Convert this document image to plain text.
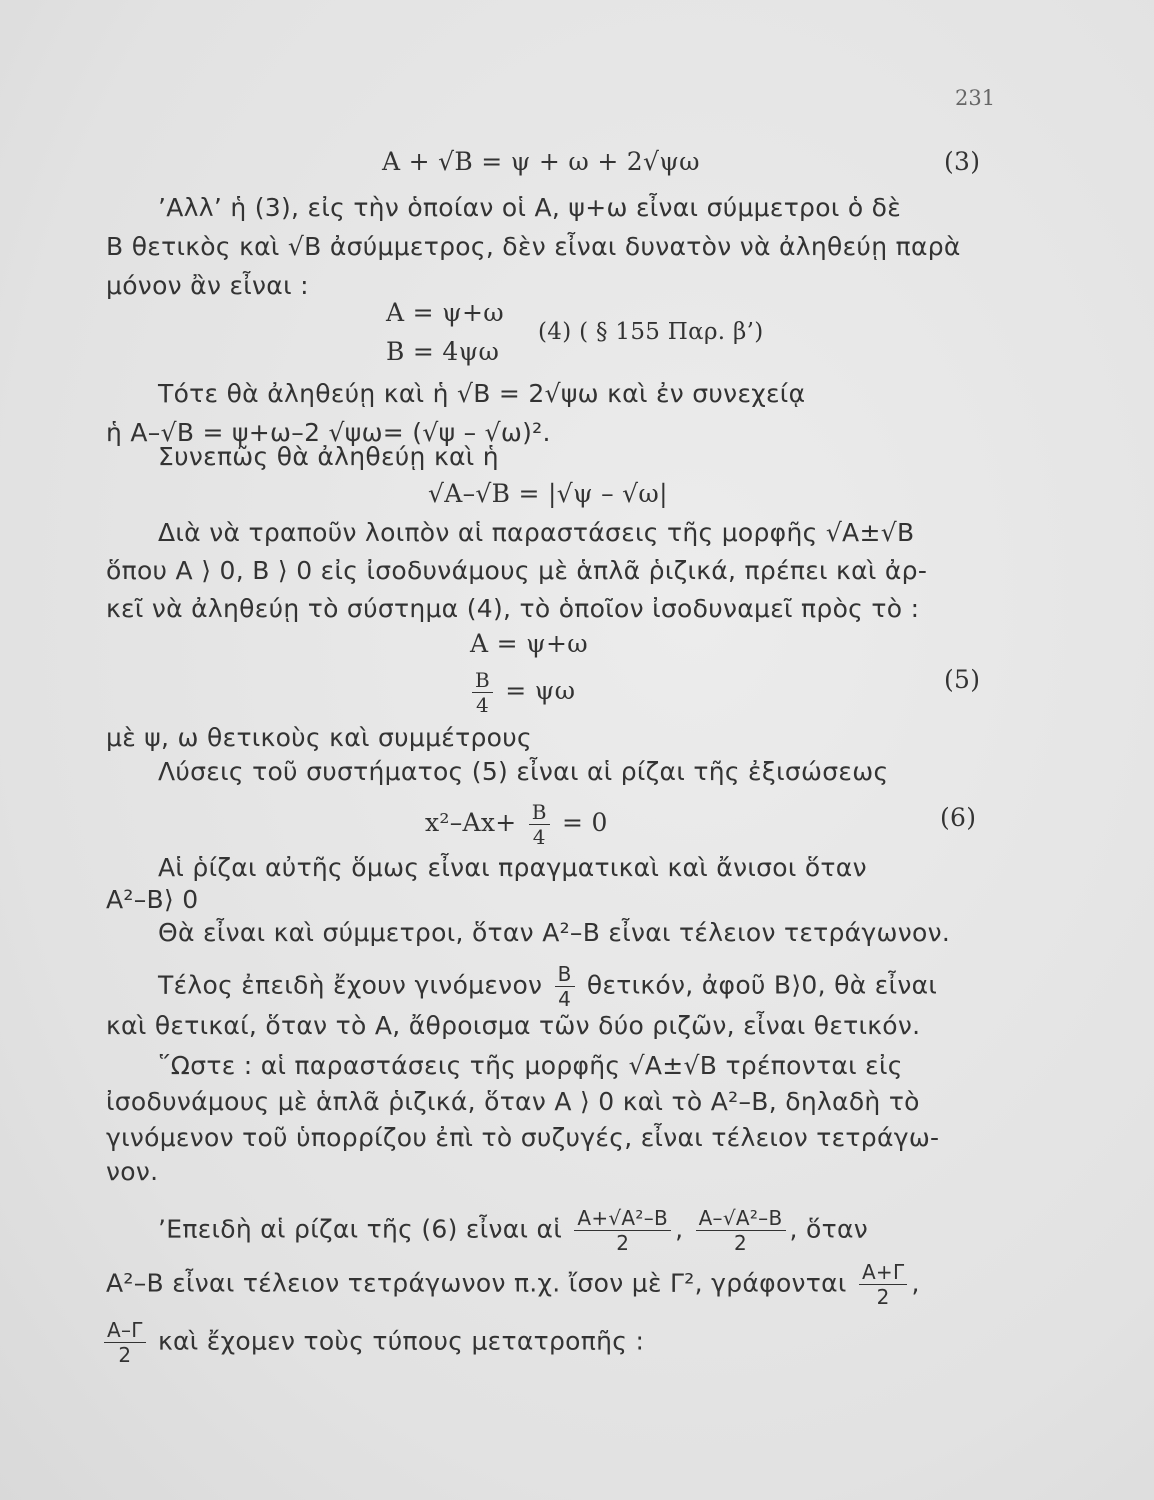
231
A + √B = ψ + ω + 2√ψω	(3)
’Αλλ’ ἡ (3), εἰς τὴν ὁποίαν οἱ Α, ψ+ω εἶναι σύμμετροι ὁ δὲ
Β θετικὸς καὶ √Β ἀσύμμετρος, δὲν εἶναι δυνατὸν νὰ ἀληθεύῃ παρὰ
μόνον ἂν εἶναι :
Α = ψ+ω
Β = 4ψω
(4) ( § 155 Παρ. β’)
Τότε θὰ ἀληθεύῃ καὶ ἡ √Β = 2√ψω καὶ ἐν συνεχείᾳ
ἡ Α–√Β = ψ+ω–2 √ψω= (√ψ – √ω)².
Συνεπῶς θὰ ἀληθεύῃ καὶ ἡ
√Α–√Β = |√ψ – √ω|
Διὰ νὰ τραποῦν λοιπὸν αἱ παραστάσεις τῆς μορφῆς √Α±√Β
ὅπου Α ⟩ 0, Β ⟩ 0 εἰς ἰσοδυνάμους μὲ ἁπλᾶ ῥιζικά, πρέπει καὶ ἀρ-
κεῖ νὰ ἀληθεύῃ τὸ σύστημα (4), τὸ ὁποῖον ἰσοδυναμεῖ πρὸς τὸ :
Α = ψ+ω
$\frac{B}{4} = \psi\omega$	(5)
μὲ ψ, ω θετικοὺς καὶ συμμέτρους
Λύσεις τοῦ συστήματος (5) εἶναι αἱ ρίζαι τῆς ἐξισώσεως
$x^2-Ax+ \frac{B}{4} = 0$	(6)
Αἱ ῥίζαι αὐτῆς ὅμως εἶναι πραγματικαὶ καὶ ἄνισοι ὅταν
Α²–Β⟩ 0
Θὰ εἶναι καὶ σύμμετροι, ὅταν Α²–Β εἶναι τέλειον τετράγωνον.
Τέλος ἐπειδὴ ἔχουν γινόμενον $\frac{B}{4} \theta\varepsilon\tau\iota\kappa ό\nu$, ἀφοῦ Β⟩0, θὰ εἶναι
καὶ θετικαί, ὅταν τὸ Α, ἄθροισμα τῶν δύο ριζῶν, εἶναι θετικόν.
῞Ωστε : αἱ παραστάσεις τῆς μορφῆς √Α±√Β τρέπονται εἰς
ἰσοδυνάμους μὲ ἁπλᾶ ῥιζικά, ὅταν Α ⟩ 0 καὶ τὸ Α²–Β, δηλαδὴ τὸ
γινόμενον τοῦ ὑπορρίζου ἐπὶ τὸ συζυγές, εἶναι τέλειον τετράγω-
νον.
’Επειδὴ αἱ ρίζαι τῆς (6) εἶναι αἱ $\frac{\text{Α+√Α²–Β}}{2}$ , $\frac{\text{Α–√Α²–Β}}{2}$ , ὅταν
Α²–Β εἶναι τέλειον τετράγωνον π.χ. ἴσον μὲ Γ², γράφονται $\frac{A+\Gamma}{2}$ ,
$\frac{A-\Gamma}{2}$ καὶ ἔχομεν τοὺς τύπους μετατροπῆς :
